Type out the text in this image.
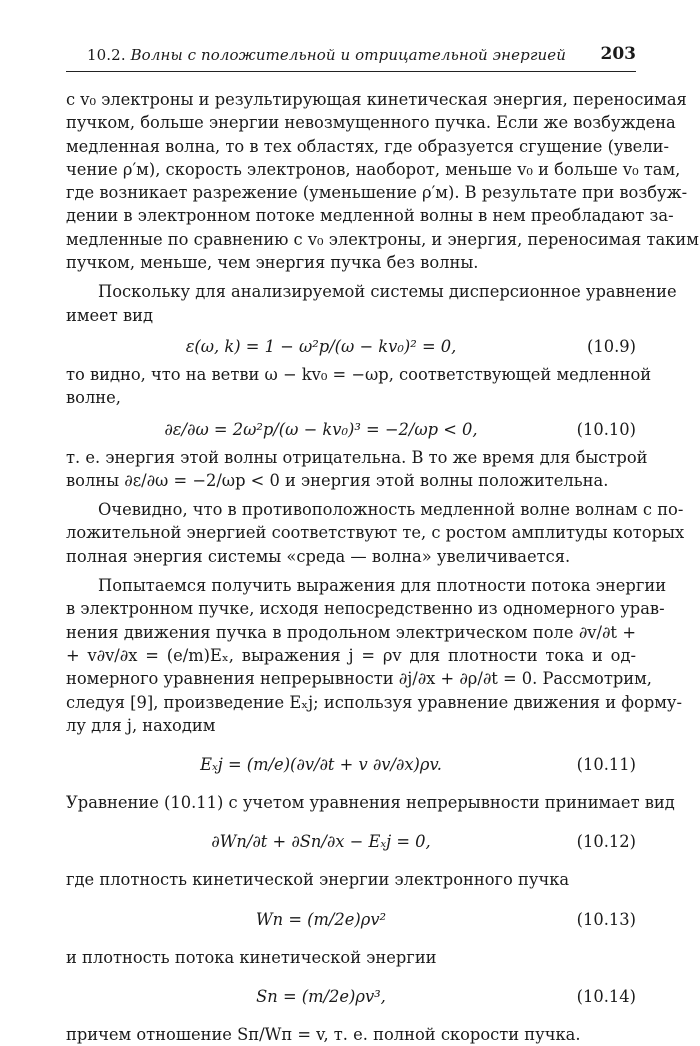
10.2. Волны с положительной и отрицательной энергией 203
с v₀ электроны и результирующая кинетическая энергия, переносимая
пучком, больше энергии невозмущенного пучка. Если же возбуждена
медленная волна, то в тех областях, где образуется сгущение (увели-
чение ρ′м), скорость электронов, наоборот, меньше v₀ и больше v₀ там,
где возникает разрежение (уменьшение ρ′м). В результате при возбуж-
дении в электронном потоке медленной волны в нем преобладают за-
медленные по сравнению с v₀ электроны, и энергия, переносимая таким
пучком, меньше, чем энергия пучка без волны.
Поскольку для анализируемой системы дисперсионное уравнение
имеет вид
ε(ω, k) = 1 − ω²p/(ω − kv₀)² = 0,	(10.9)
то видно, что на ветви ω − kv₀ = −ωp, соответствующей медленной
волне,
∂ε/∂ω = 2ω²p/(ω − kv₀)³ = −2/ωp < 0,	(10.10)
т. е. энергия этой волны отрицательна. В то же время для быстрой
волны ∂ε/∂ω = −2/ωp < 0 и энергия этой волны положительна.
Очевидно, что в противоположность медленной волне волнам с по-
ложительной энергией соответствуют те, с ростом амплитуды которых
полная энергия системы «среда — волна» увеличивается.
Попытаемся получить выражения для плотности потока энергии
в электронном пучке, исходя непосредственно из одномерного урав-
нения движения пучка в продольном электрическом поле ∂v/∂t +
+ v∂v/∂x = (e/m)Eₓ, выражения j = ρv для плотности тока и од-
номерного уравнения непрерывности ∂j/∂x + ∂ρ/∂t = 0. Рассмотрим,
следуя [9], произведение Eₓj; используя уравнение движения и форму-
лу для j, находим
Eₓj = (m/e)(∂v/∂t + v ∂v/∂x)ρv.	(10.11)
Уравнение (10.11) с учетом уравнения непрерывности принимает вид
∂Wп/∂t + ∂Sп/∂x − Eₓj = 0,	(10.12)
где плотность кинетической энергии электронного пучка
Wп = (m/2e)ρv²	(10.13)
и плотность потока кинетической энергии
Sп = (m/2e)ρv³,	(10.14)
причем отношение Sп/Wп = v, т. е. полной скорости пучка.
